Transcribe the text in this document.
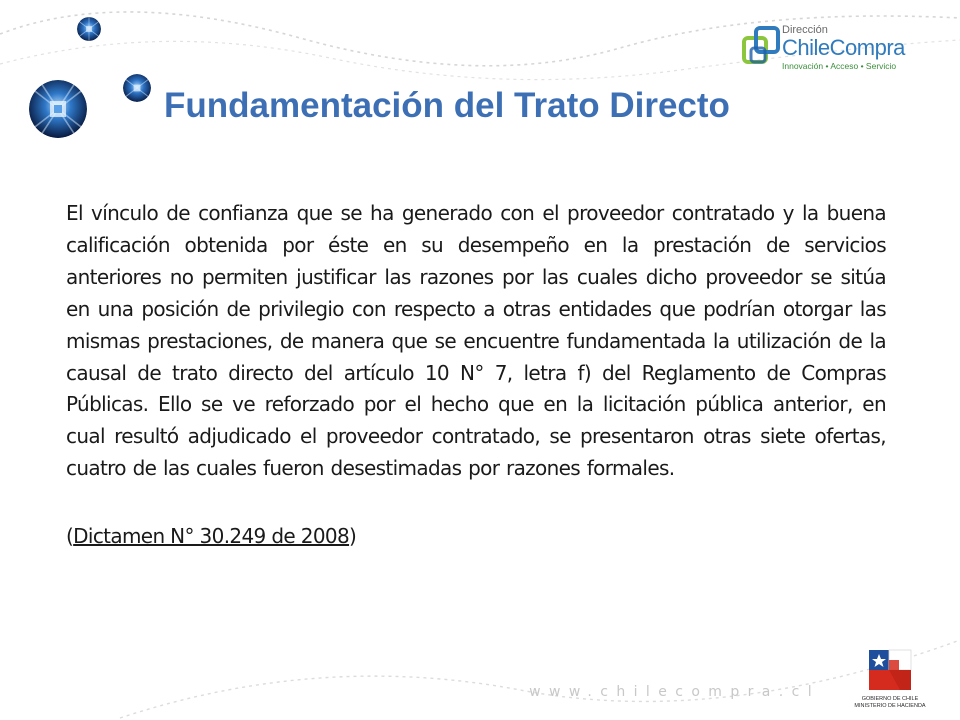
Dirección
ChileCompra
Innovación • Acceso • Servicio
Fundamentación del Trato Directo

El vínculo de confianza que se ha generado con el proveedor contratado y la buena calificación obtenida por éste en su desempeño en la prestación de servicios anteriores no permiten justificar las razones por las cuales dicho proveedor se sitúa en una posición de privilegio con respecto a otras entidades que podrían otorgar las mismas prestaciones, de manera que se encuentre fundamentada la utilización de la causal de trato directo del artículo 10 N° 7, letra f) del Reglamento de Compras Públicas. Ello se ve reforzado por el hecho que en la licitación pública anterior, en cual resultó adjudicado el proveedor contratado, se presentaron otras siete ofertas, cuatro de las cuales fueron desestimadas por razones formales.

(Dictamen N° 30.249 de 2008)

www.chilecompra.cl	GOBIERNO DE CHILE
MINISTERIO DE HACIENDA
